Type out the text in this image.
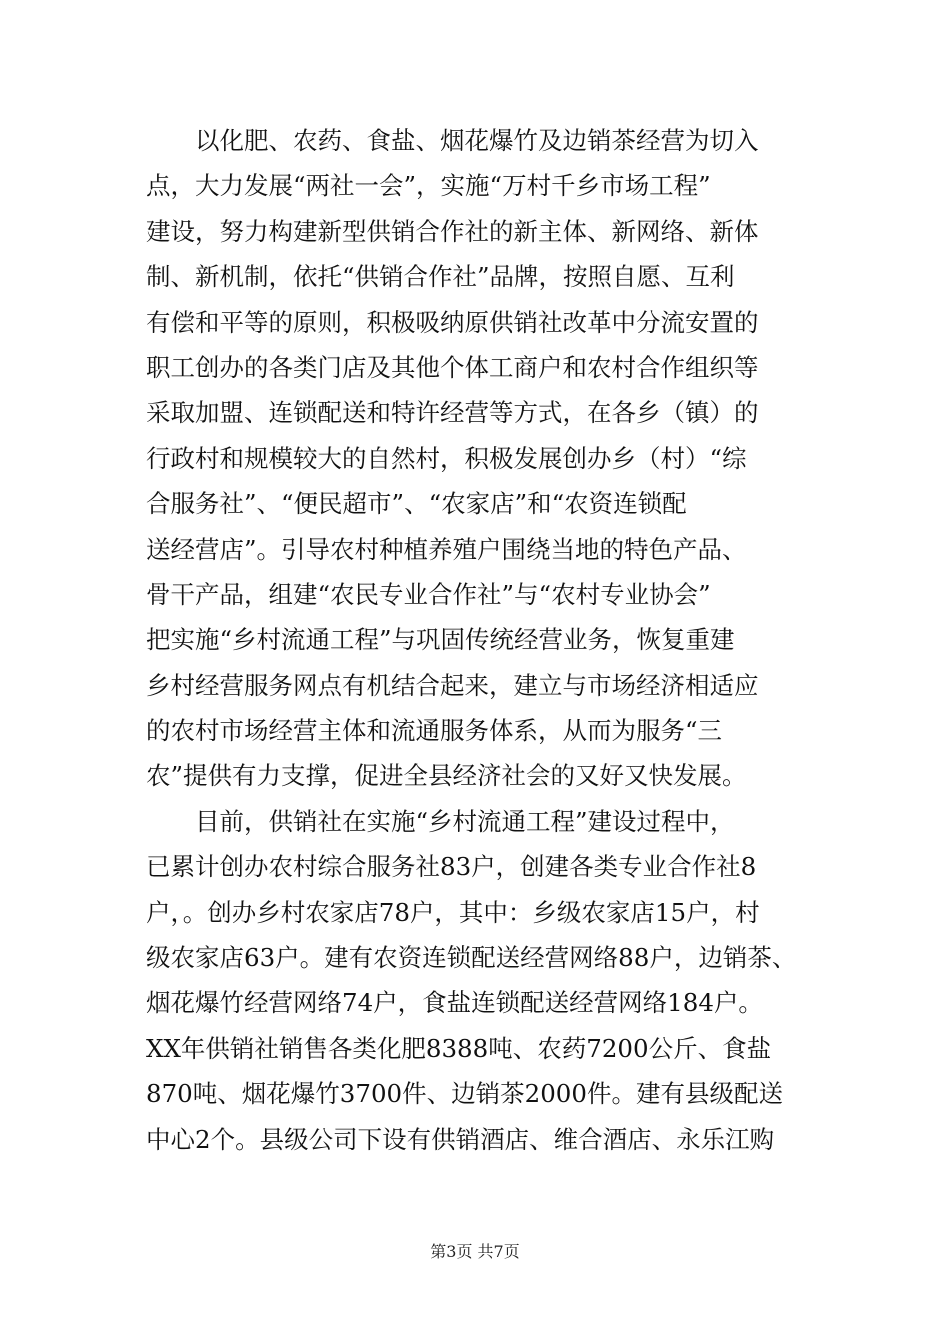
　　以化肥、农药、食盐、烟花爆竹及边销茶经营为切入
点，大力发展“两社一会”，实施“万村千乡市场工程”
建设，努力构建新型供销合作社的新主体、新网络、新体
制、新机制，依托“供销合作社”品牌，按照自愿、互利
有偿和平等的原则，积极吸纳原供销社改革中分流安置的
职工创办的各类门店及其他个体工商户和农村合作组织等
采取加盟、连锁配送和特许经营等方式，在各乡（镇）的
行政村和规模较大的自然村，积极发展创办乡（村）“综
合服务社”、“便民超市”、“农家店”和“农资连锁配
送经营店”。引导农村种植养殖户围绕当地的特色产品、
骨干产品，组建“农民专业合作社”与“农村专业协会”
把实施“乡村流通工程”与巩固传统经营业务，恢复重建
乡村经营服务网点有机结合起来，建立与市场经济相适应
的农村市场经营主体和流通服务体系，从而为服务“三
农”提供有力支撑，促进全县经济社会的又好又快发展。
　　目前，供销社在实施“乡村流通工程”建设过程中，
已累计创办农村综合服务社83户，创建各类专业合作社8
户，。创办乡村农家店78户，其中：乡级农家店15户，村
级农家店63户。建有农资连锁配送经营网络88户，边销茶、
烟花爆竹经营网络74户，食盐连锁配送经营网络184户。
XX年供销社销售各类化肥8388吨、农药7200公斤、食盐
870吨、烟花爆竹3700件、边销茶2000件。建有县级配送
中心2个。县级公司下设有供销酒店、维合酒店、永乐江购
第3页 共7页
